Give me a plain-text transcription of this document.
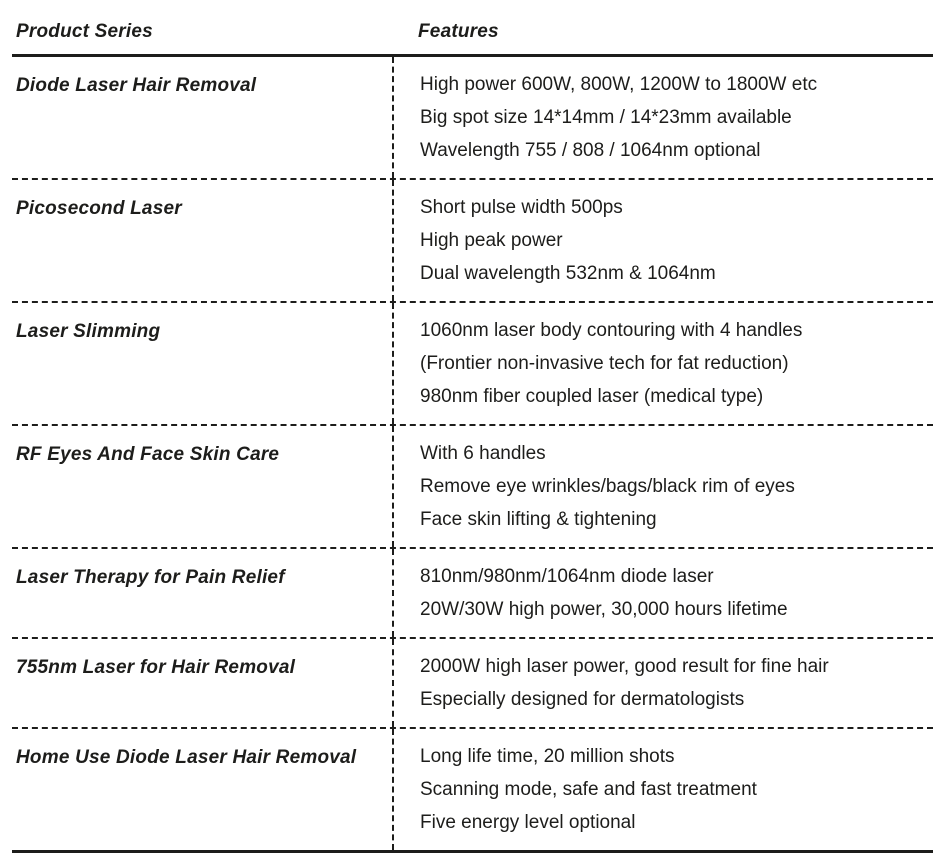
Product Series	Features
Diode Laser Hair Removal	High power 600W, 800W, 1200W to 1800W etc
Big spot size 14*14mm / 14*23mm available
Wavelength 755 / 808 / 1064nm optional
Picosecond Laser	Short pulse width 500ps
High peak power
Dual wavelength 532nm & 1064nm
Laser Slimming	1060nm laser body contouring with 4 handles
(Frontier non-invasive tech for fat reduction)
980nm fiber coupled laser (medical type)
RF Eyes And Face Skin Care	With 6 handles
Remove eye wrinkles/bags/black rim of eyes
Face skin lifting & tightening
Laser Therapy for Pain Relief	810nm/980nm/1064nm diode laser
20W/30W high power, 30,000 hours lifetime
755nm Laser for Hair Removal	2000W high laser power, good result for fine hair
Especially designed for dermatologists
Home Use Diode Laser Hair Removal	Long life time, 20 million shots
Scanning mode, safe and fast treatment
Five energy level optional
